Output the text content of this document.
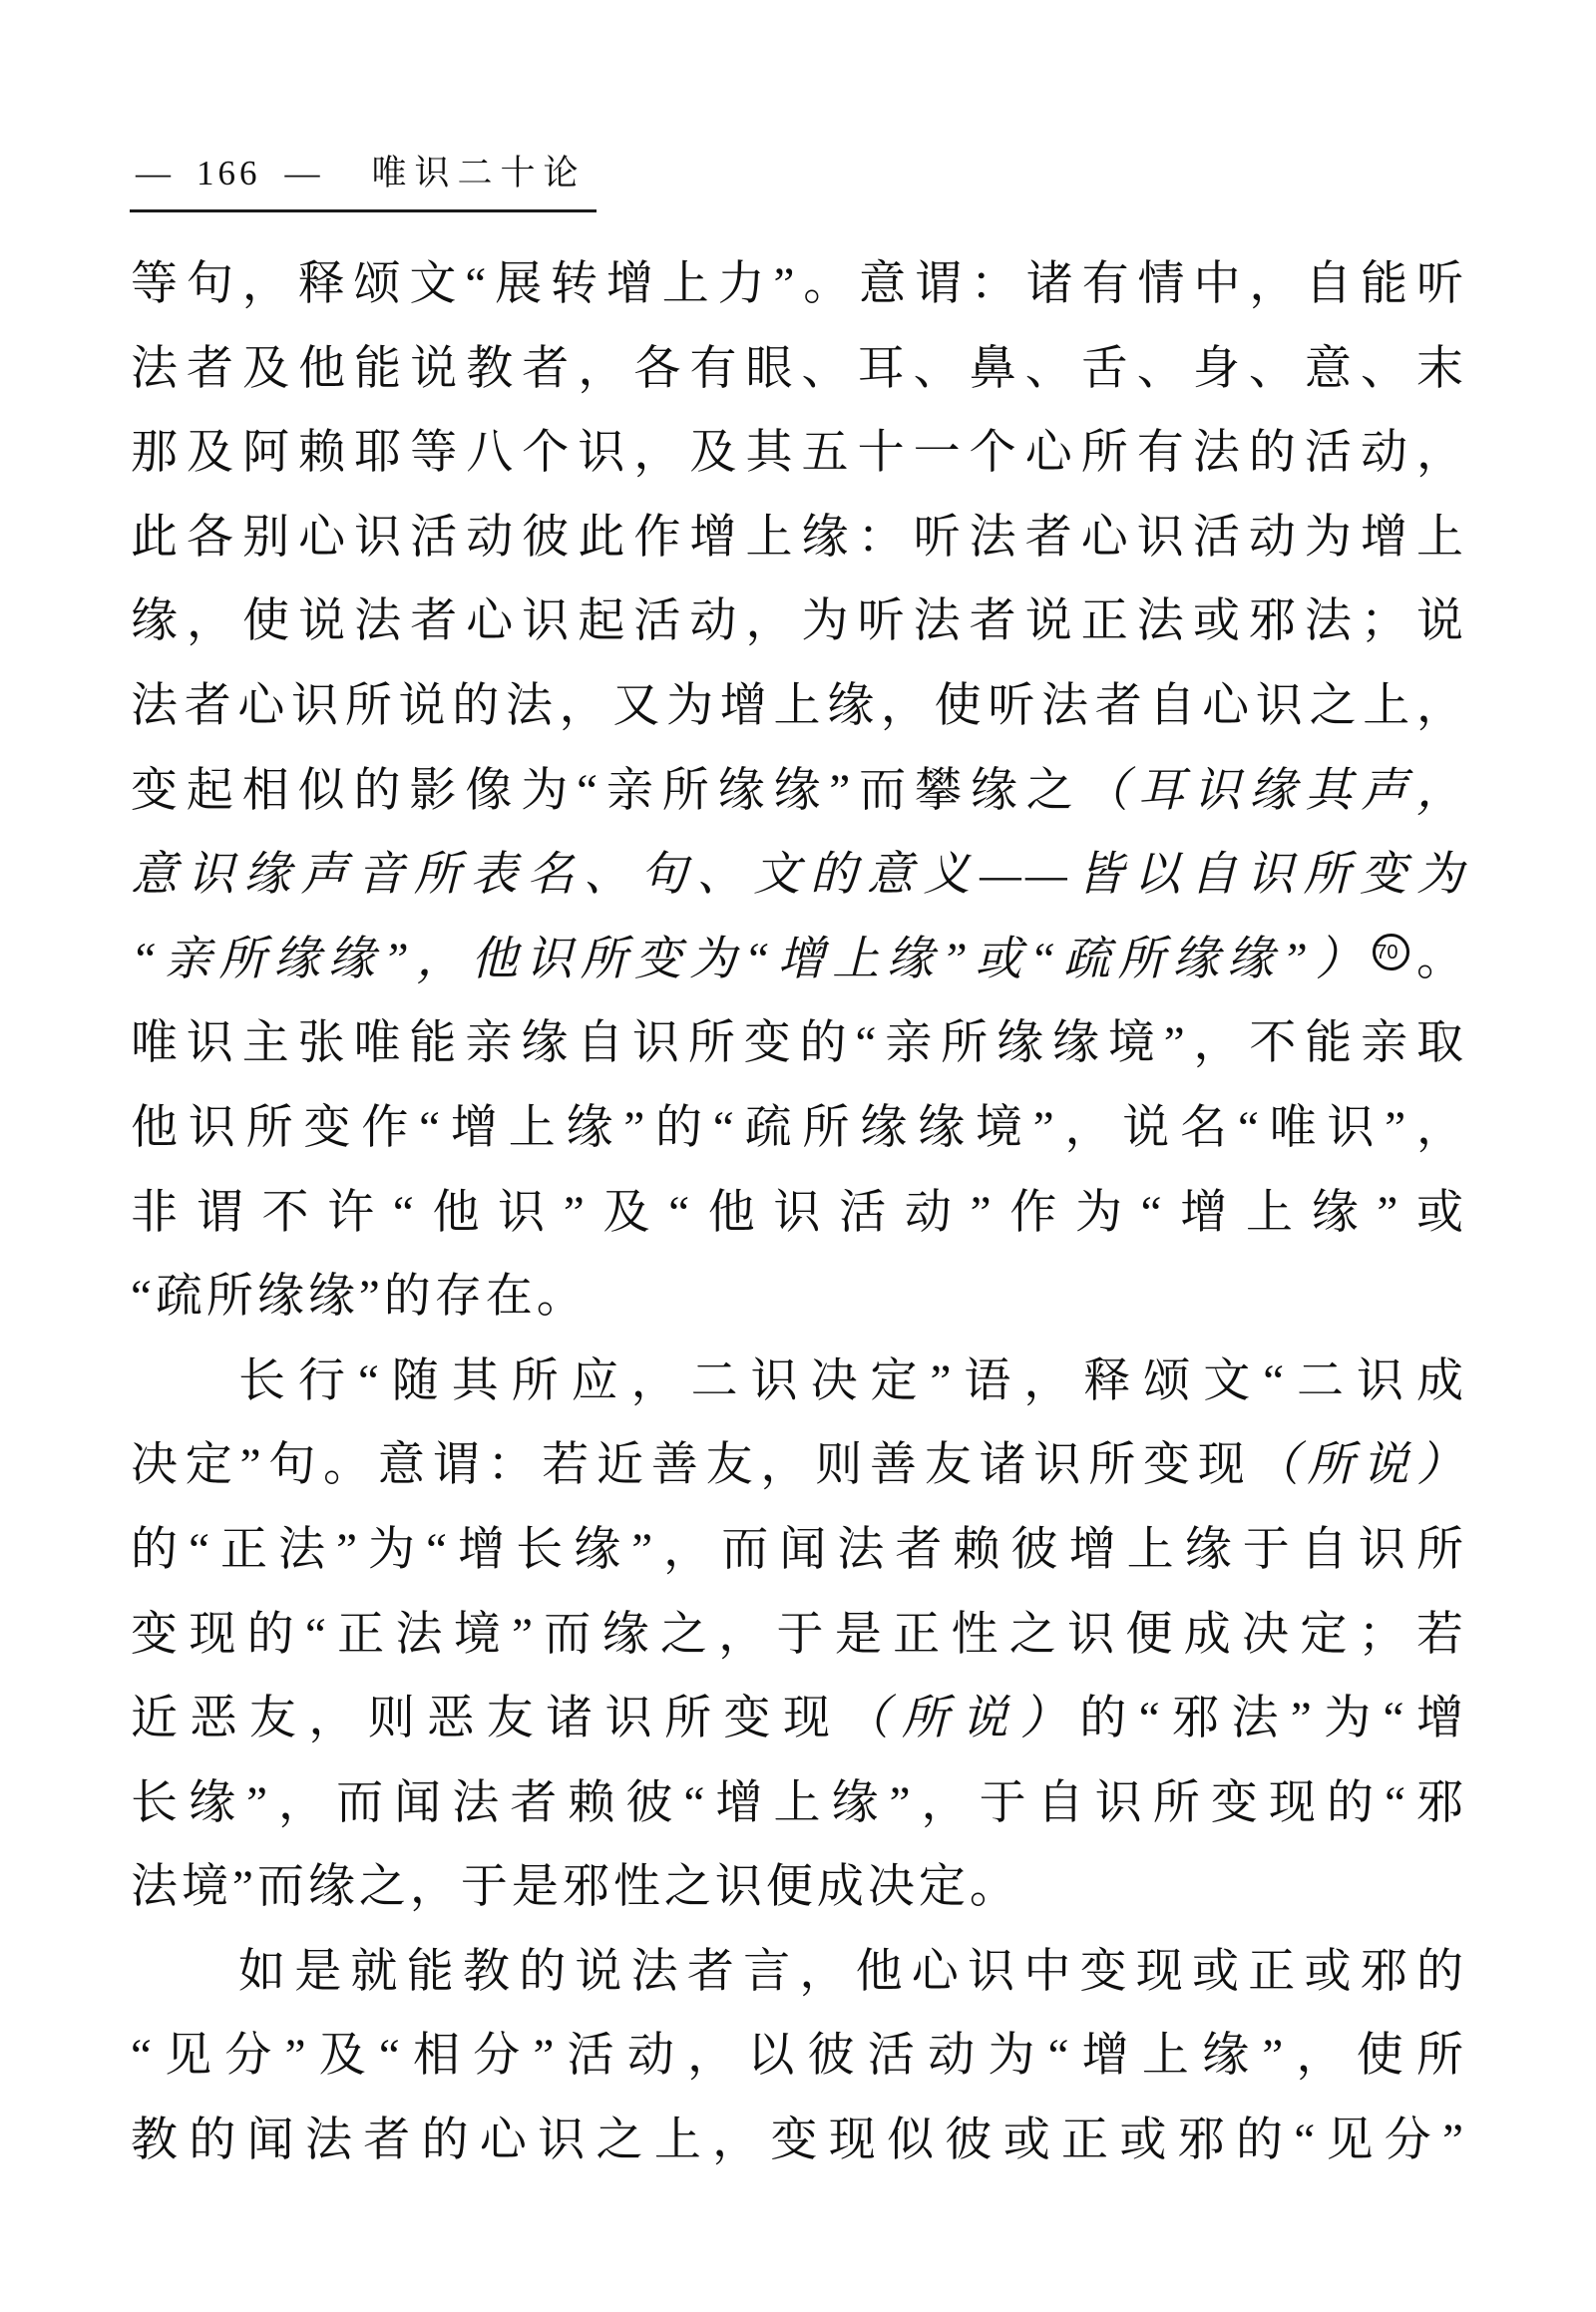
— 166 — 唯识二十论
等句，释颂文“展转增上力”。意谓：诸有情中，自能听
法者及他能说教者，各有眼、耳、鼻、舌、身、意、末
那及阿赖耶等八个识，及其五十一个心所有法的活动，
此各别心识活动彼此作增上缘：听法者心识活动为增上
缘，使说法者心识起活动，为听法者说正法或邪法；说
法者心识所说的法，又为增上缘，使听法者自心识之上，
变起相似的影像为“亲所缘缘”而攀缘之（耳识缘其声，
意识缘声音所表名、句、文的意义——皆以自识所变为
“亲所缘缘”，他识所变为“增上缘”或“疏所缘缘”） 70 。
唯识主张唯能亲缘自识所变的“亲所缘缘境”，不能亲取
他识所变作“增上缘”的“疏所缘缘境”，说名“唯识”，
非谓不许“他识”及“他识活动”作为“增上缘”或
“疏所缘缘”的存在。
长行“随其所应，二识决定”语，释颂文“二识成
决定”句。意谓：若近善友，则善友诸识所变现（所说）
的“正法”为“增长缘”，而闻法者赖彼增上缘于自识所
变现的“正法境”而缘之，于是正性之识便成决定；若
近恶友，则恶友诸识所变现（所说）的“邪法”为“增
长缘”，而闻法者赖彼“增上缘”，于自识所变现的“邪
法境”而缘之，于是邪性之识便成决定。
如是就能教的说法者言，他心识中变现或正或邪的
“见分”及“相分”活动，以彼活动为“增上缘”，使所
教的闻法者的心识之上，变现似彼或正或邪的“见分”
